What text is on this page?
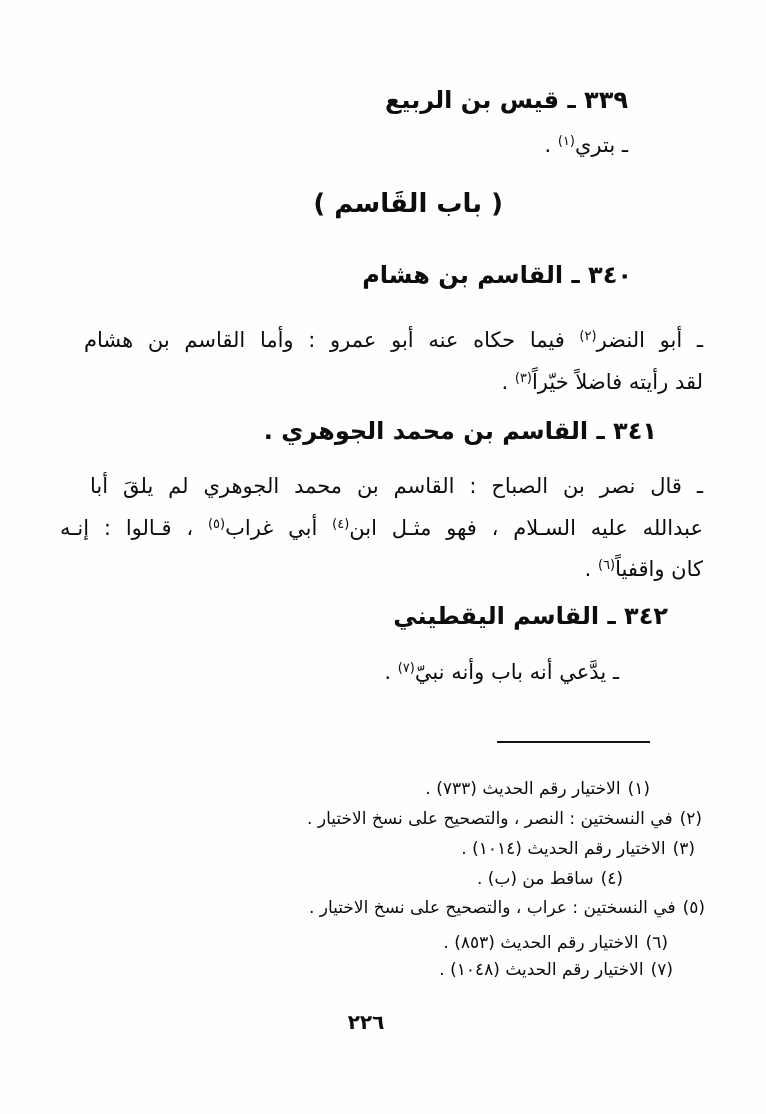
٣٣٩ ـ قيس بن الربيع
ـ بتري$^{(١)}$ .
( باب القَاسم )
٣٤٠ ـ القاسم بن هشام
ـ أبو النضر$^{(٢)}$ فيما حكاه عنه أبو عمرو : وأما القاسم بن هشام
لقد رأيته فاضلاً خيّراً$^{(٣)}$ .
٣٤١ ـ القاسم بن محمد الجوهري .
ـ قال نصر بن الصباح : القاسم بن محمد الجوهري لم يلقَ أبا
عبدالله عليه السـلام ، فهو مثـل ابن$^{(٤)}$ أبي غراب$^{(٥)}$ ، قـالوا : إنـه
كان واقفياً$^{(٦)}$ .
٣٤٢ ـ القاسم اليقطيني
ـ يدَّعي أنه باب وأنه نبيّ$^{(٧)}$ .
(١)الاختيار رقم الحديث (٧٣٣) .
(٢)في النسختين : النصر ، والتصحيح على نسخ الاختيار .
(٣)الاختيار رقم الحديث (١٠١٤) .
(٤)ساقط من (ب) .
(٥)في النسختين : عراب ، والتصحيح على نسخ الاختيار .
(٦)الاختيار رقم الحديث (٨٥٣) .
(٧)الاختيار رقم الحديث (١٠٤٨) .
٢٢٦
